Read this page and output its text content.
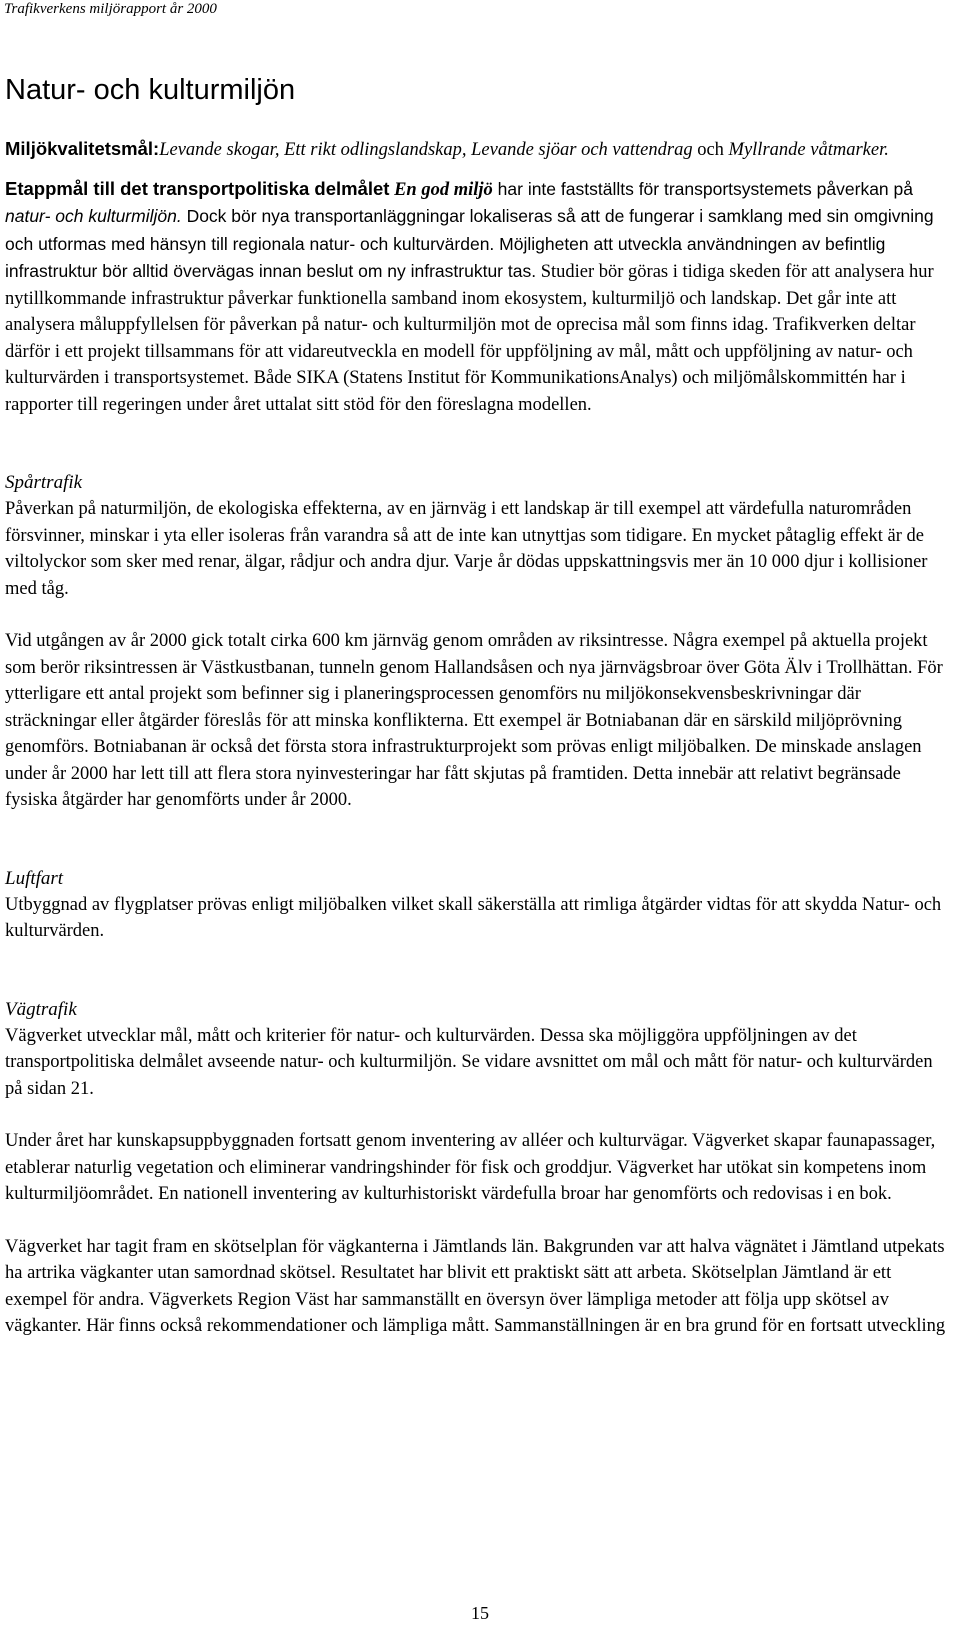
Trafikverkens miljörapport år 2000
Natur- och kulturmiljön

Miljökvalitetsmål:Levande skogar, Ett rikt odlingslandskap, Levande sjöar och vattendrag och Myllrande våtmarker.

Etappmål till det transportpolitiska delmålet En god miljö har inte fastställts för transportsystemets påverkan på natur- och kulturmiljön. Dock bör nya transportanläggningar lokaliseras så att de fungerar i samklang med sin omgivning och utformas med hänsyn till regionala natur- och kulturvärden. Möjligheten att utveckla användningen av befintlig infrastruktur bör alltid övervägas innan beslut om ny infrastruktur tas. Studier bör göras i tidiga skeden för att analysera hur nytillkommande infrastruktur påverkar funktionella samband inom ekosystem, kulturmiljö och landskap. Det går inte att analysera måluppfyllelsen för påverkan på natur- och kulturmiljön mot de oprecisa mål som finns idag. Trafikverken deltar därför i ett projekt tillsammans för att vidareutveckla en modell för uppföljning av mål, mått och uppföljning av natur- och kulturvärden i transportsystemet. Både SIKA (Statens Institut för KommunikationsAnalys) och miljömålskommittén har i rapporter till regeringen under året uttalat sitt stöd för den föreslagna modellen.

Spårtrafik

Påverkan på naturmiljön, de ekologiska effekterna, av en järnväg i ett landskap är till exempel att värdefulla naturområden försvinner, minskar i yta eller isoleras från varandra så att de inte kan utnyttjas som tidigare. En mycket påtaglig effekt är de viltolyckor som sker med renar, älgar, rådjur och andra djur. Varje år dödas uppskattningsvis mer än 10 000 djur i kollisioner med tåg.

Vid utgången av år 2000 gick totalt cirka 600 km järnväg genom områden av riksintresse. Några exempel på aktuella projekt som berör riksintressen är Västkustbanan, tunneln genom Hallandsåsen och nya järnvägsbroar över Göta Älv i Trollhättan. För ytterligare ett antal projekt som befinner sig i planeringsprocessen genomförs nu miljökonsekvensbeskrivningar där sträckningar eller åtgärder föreslås för att minska konflikterna. Ett exempel är Botniabanan där en särskild miljöprövning genomförs. Botniabanan är också det första stora infrastrukturprojekt som prövas enligt miljöbalken. De minskade anslagen under år 2000 har lett till att flera stora nyinvesteringar har fått skjutas på framtiden. Detta innebär att relativt begränsade fysiska åtgärder har genomförts under år 2000.

Luftfart

Utbyggnad av flygplatser prövas enligt miljöbalken vilket skall säkerställa att rimliga åtgärder vidtas för att skydda Natur- och kulturvärden.

Vägtrafik

Vägverket utvecklar mål, mått och kriterier för natur- och kulturvärden. Dessa ska möjliggöra uppföljningen av det transportpolitiska delmålet avseende natur- och kulturmiljön. Se vidare avsnittet om mål och mått för natur- och kulturvärden på sidan 21.

Under året har kunskapsuppbyggnaden fortsatt genom inventering av alléer och kulturvägar. Vägverket skapar faunapassager, etablerar naturlig vegetation och eliminerar vandringshinder för fisk och groddjur. Vägverket har utökat sin kompetens inom kulturmiljöområdet. En nationell inventering av kulturhistoriskt värdefulla broar har genomförts och redovisas i en bok.

Vägverket har tagit fram en skötselplan för vägkanterna i Jämtlands län. Bakgrunden var att halva vägnätet i Jämtland utpekats ha artrika vägkanter utan samordnad skötsel. Resultatet har blivit ett praktiskt sätt att arbeta. Skötselplan Jämtland är ett exempel för andra. Vägverkets Region Väst har sammanställt en översyn över lämpliga metoder att följa upp skötsel av vägkanter. Här finns också rekommendationer och lämpliga mått. Sammanställningen är en bra grund för en fortsatt utveckling

15
